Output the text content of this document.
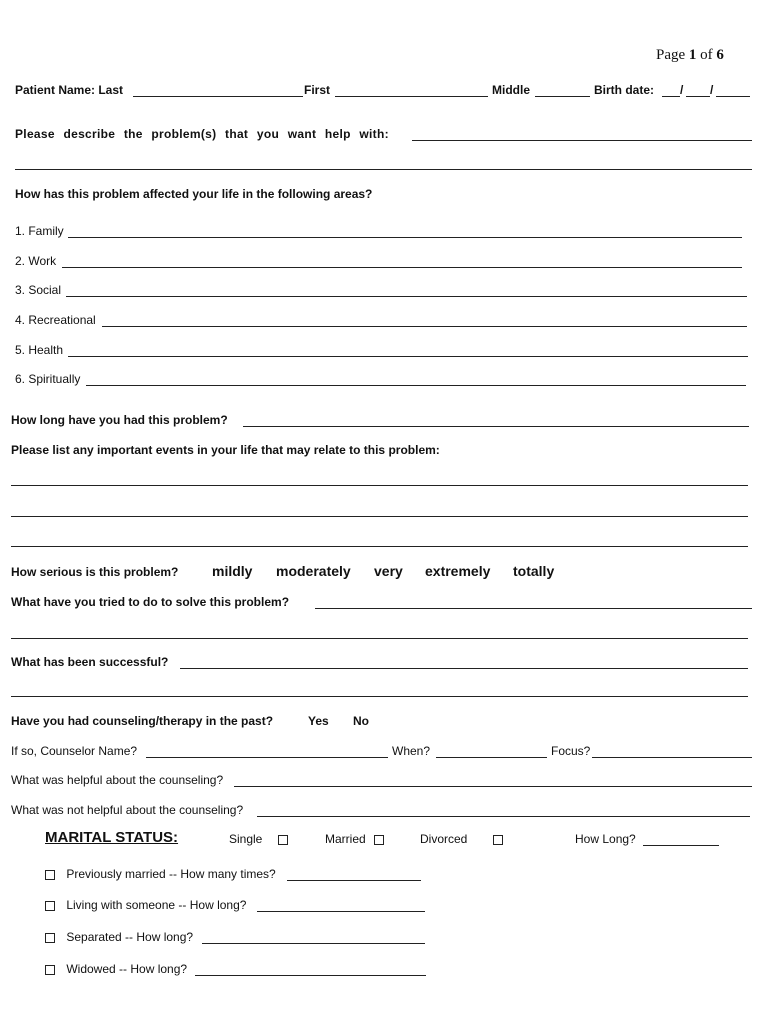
Page 1 of 6
Patient Name: Last	First	Middle	Birth date: / /
Please describe the problem(s) that you want help with:
How has this problem affected your life in the following areas?
1. Family
2. Work
3. Social
4. Recreational
5. Health
6. Spiritually
How long have you had this problem?
Please list any important events in your life that may relate to this problem:
How serious is this problem? mildly moderately very extremely totally
What have you tried to do to solve this problem?
What has been successful?
Have you had counseling/therapy in the past?	Yes No
If so, Counselor Name?	When?	Focus?
What was helpful about the counseling?
What was not helpful about the counseling?
MARITAL STATUS:	Single	Married	Divorced	How Long?
Previously married -- How many times?
Living with someone -- How long?
Separated -- How long?
Widowed -- How long?
